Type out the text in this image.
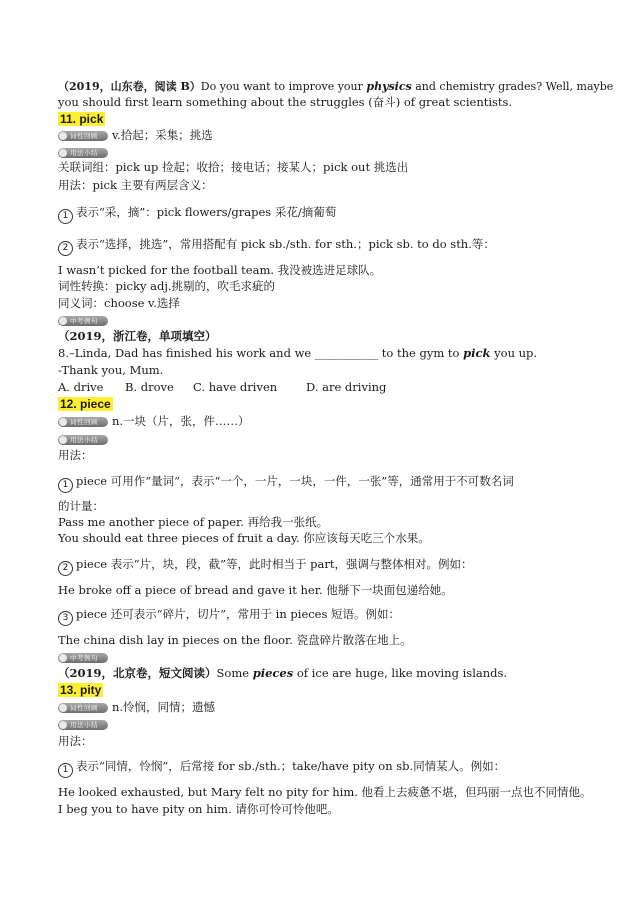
（2019，山东卷，阅读 B）Do you want to improve your physics and chemistry grades? Well, maybe
you should first learn something about the struggles (奋斗) of great scientists.
11. pick
词性回顾	v.拾起；采集；挑选
用法小结
关联词组：pick up 捡起；收拾；接电话；接某人；pick out 挑选出
用法：pick 主要有两层含义：
1 表示“采，摘”：pick flowers/grapes 采花/摘葡萄
2 表示“选择，挑选”，常用搭配有 pick sb./sth. for sth.；pick sb. to do sth.等：
I wasn’t picked for the football team. 我没被选进足球队。
词性转换：picky adj.挑剔的，吹毛求疵的
同义词：choose v.选择
中考例句
（2019，浙江卷，单项填空）
8.–Linda, Dad has finished his work and we ___________ to the gym to pick you up.
-Thank you, Mum.
A. drive B. drove C. have driven	D. are driving
12. piece
词性回顾	n.一块（片，张，件……）
用法小结
用法：
1 piece 可用作“量词”，表示“一个，一片，一块，一件，一张”等，通常用于不可数名词
的计量：
Pass me another piece of paper. 再给我一张纸。
You should eat three pieces of fruit a day. 你应该每天吃三个水果。
2 piece 表示“片，块，段，截”等，此时相当于 part，强调与整体相对。例如：
He broke off a piece of bread and gave it her. 他掰下一块面包递给她。
3 piece 还可表示“碎片，切片”，常用于 in pieces 短语。例如：
The china dish lay in pieces on the floor. 瓷盘碎片散落在地上。
中考例句
（2019，北京卷，短文阅读）Some pieces of ice are huge, like moving islands.
13. pity
词性回顾	n.怜悯，同情；遗憾
用法小结
用法：
1 表示“同情，怜悯”，后常接 for sb./sth.；take/have pity on sb.同情某人。例如：
He looked exhausted, but Mary felt no pity for him. 他看上去疲惫不堪，但玛丽一点也不同情他。
I beg you to have pity on him. 请你可怜可怜他吧。
